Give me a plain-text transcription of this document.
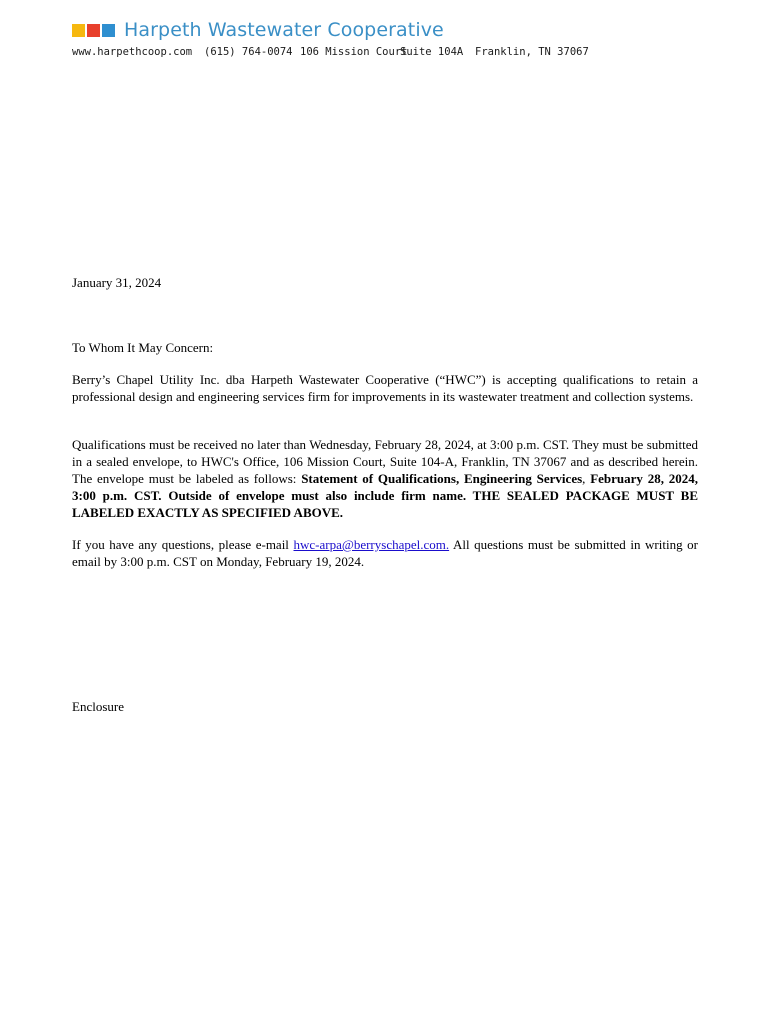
Harpeth Wastewater Cooperative
www.harpethcoop.com (615) 764-0074 106 Mission Court
Suite 104A Franklin, TN 37067
January 31, 2024
To Whom It May Concern:

Berry’s Chapel Utility Inc. dba Harpeth Wastewater Cooperative (“HWC”) is accepting qualifications to retain a professional design and engineering services firm for improvements in its wastewater treatment and collection systems.

Qualifications must be received no later than Wednesday, February 28, 2024, at 3:00 p.m. CST. They must be submitted in a sealed envelope, to HWC's Office, 106 Mission Court, Suite 104-A, Franklin, TN 37067 and as described herein. The envelope must be labeled as follows: Statement of Qualifications, Engineering Services, February 28, 2024, 3:00 p.m. CST. Outside of envelope must also include firm name. THE SEALED PACKAGE MUST BE LABELED EXACTLY AS SPECIFIED ABOVE.

If you have any questions, please e-mail hwc-arpa@berryschapel.com. All questions must be submitted in writing or email by 3:00 p.m. CST on Monday, February 19, 2024.

Enclosure
